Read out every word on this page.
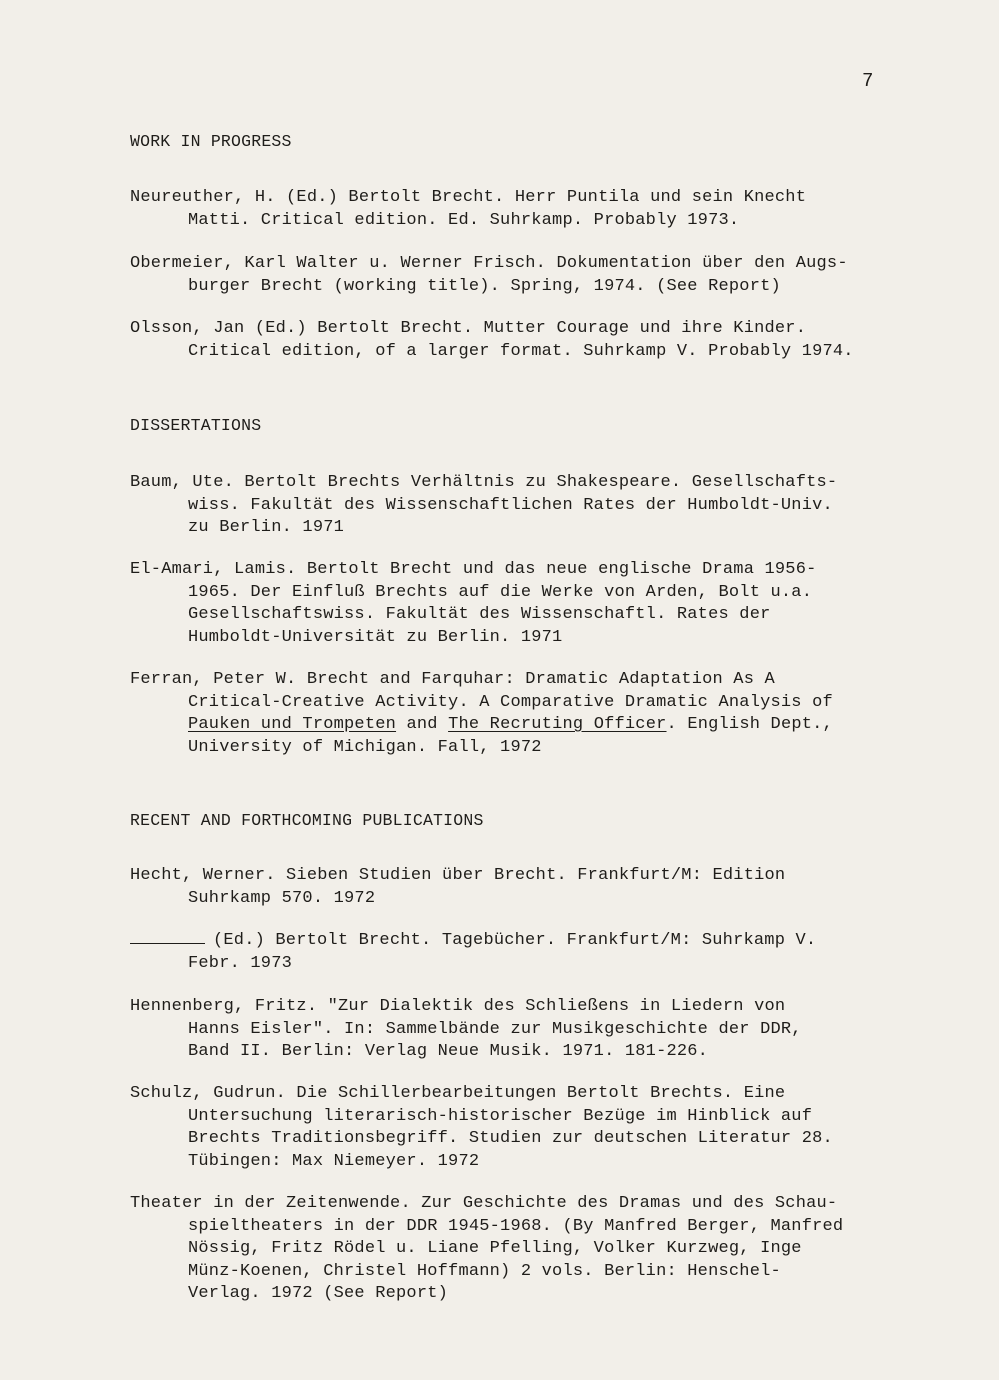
7
WORK IN PROGRESS
Neureuther, H. (Ed.) Bertolt Brecht. Herr Puntila und sein Knecht
Matti. Critical edition. Ed. Suhrkamp. Probably 1973.
Obermeier, Karl Walter u. Werner Frisch. Dokumentation über den Augs-
burger Brecht (working title). Spring, 1974. (See Report)
Olsson, Jan (Ed.) Bertolt Brecht. Mutter Courage und ihre Kinder.
Critical edition, of a larger format. Suhrkamp V. Probably 1974.
DISSERTATIONS
Baum, Ute. Bertolt Brechts Verhältnis zu Shakespeare. Gesellschafts-
wiss. Fakultät des Wissenschaftlichen Rates der Humboldt-Univ.
zu Berlin. 1971
El-Amari, Lamis. Bertolt Brecht und das neue englische Drama 1956-
1965. Der Einfluß Brechts auf die Werke von Arden, Bolt u.a.
Gesellschaftswiss. Fakultät des Wissenschaftl. Rates der
Humboldt-Universität zu Berlin. 1971
Ferran, Peter W. Brecht and Farquhar: Dramatic Adaptation As A
Critical-Creative Activity. A Comparative Dramatic Analysis of
Pauken und Trompeten and The Recruting Officer. English Dept.,
University of Michigan. Fall, 1972
RECENT AND FORTHCOMING PUBLICATIONS
Hecht, Werner. Sieben Studien über Brecht. Frankfurt/M: Edition
Suhrkamp 570. 1972
(Ed.) Bertolt Brecht. Tagebücher. Frankfurt/M: Suhrkamp V.
Febr. 1973
Hennenberg, Fritz. "Zur Dialektik des Schließens in Liedern von
Hanns Eisler". In: Sammelbände zur Musikgeschichte der DDR,
Band II. Berlin: Verlag Neue Musik. 1971. 181-226.
Schulz, Gudrun. Die Schillerbearbeitungen Bertolt Brechts. Eine
Untersuchung literarisch-historischer Bezüge im Hinblick auf
Brechts Traditionsbegriff. Studien zur deutschen Literatur 28.
Tübingen: Max Niemeyer. 1972
Theater in der Zeitenwende. Zur Geschichte des Dramas und des Schau-
spieltheaters in der DDR 1945-1968. (By Manfred Berger, Manfred
Nössig, Fritz Rödel u. Liane Pfelling, Volker Kurzweg, Inge
Münz-Koenen, Christel Hoffmann) 2 vols. Berlin: Henschel-
Verlag. 1972 (See Report)
